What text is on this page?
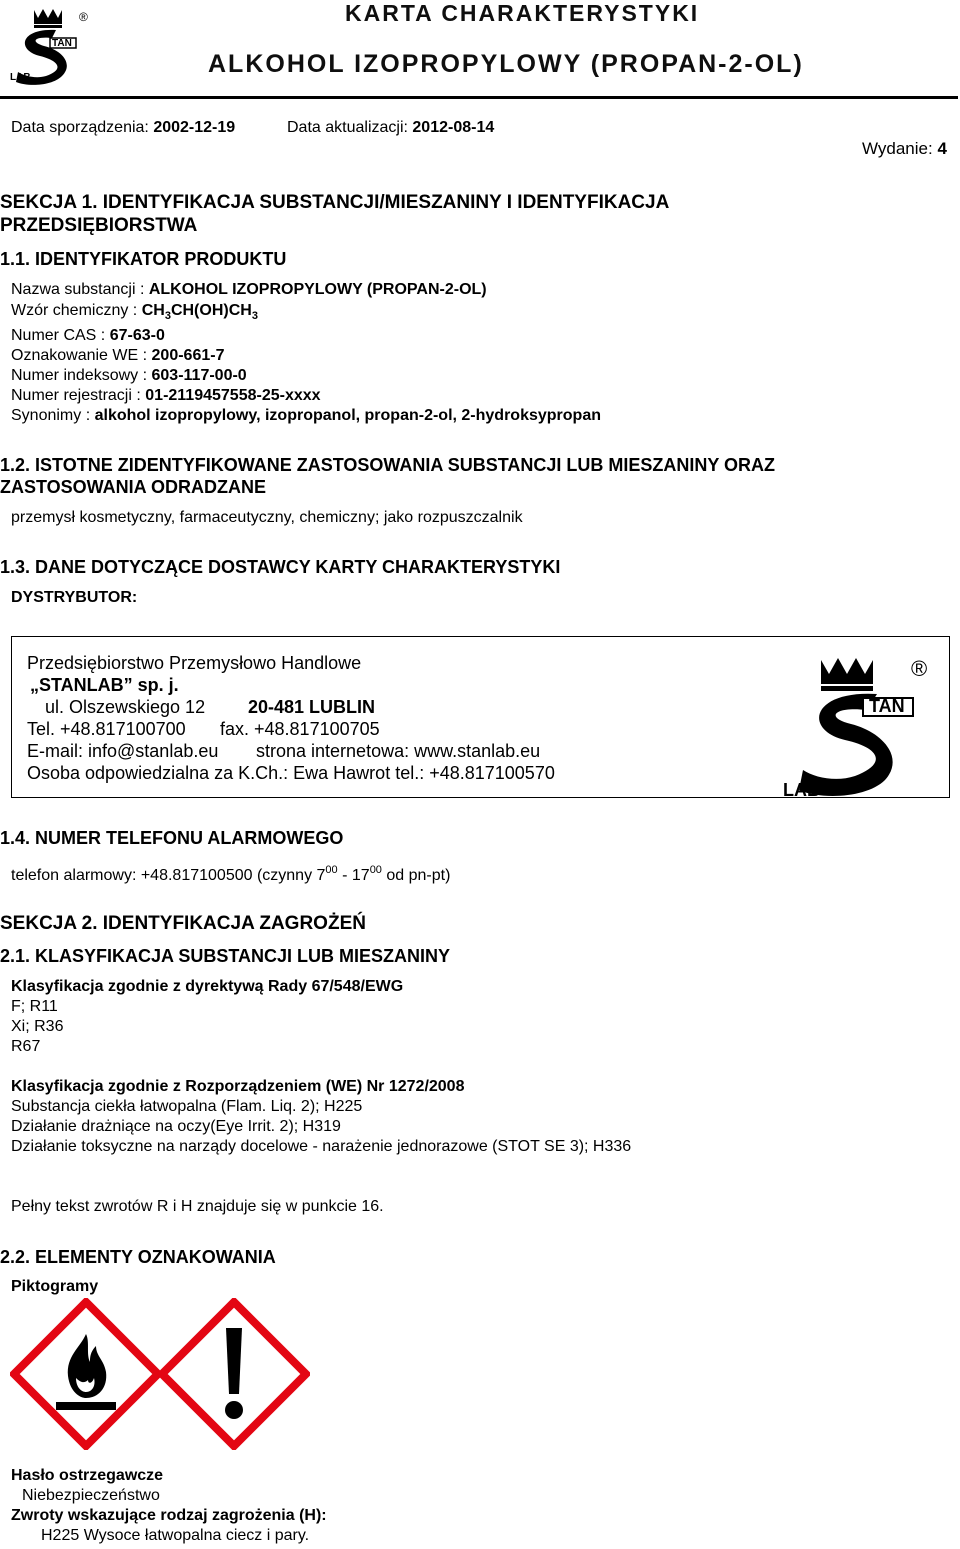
TAN
LAB
®	KARTA CHARAKTERYSTYKI
ALKOHOL IZOPROPYLOWY (PROPAN-2-OL)
Data sporządzenia: 2002-12-19	Data aktualizacji: 2012-08-14
Wydanie: 4
SEKCJA 1. IDENTYFIKACJA SUBSTANCJI/MIESZANINY I IDENTYFIKACJA
PRZEDSIĘBIORSTWA
1.1. IDENTYFIKATOR PRODUKTU
Nazwa substancji : ALKOHOL IZOPROPYLOWY (PROPAN-2-OL)
Wzór chemiczny : $CH_3CH(OH)CH_3$
Numer CAS : 67-63-0
Oznakowanie WE : 200-661-7
Numer indeksowy : 603-117-00-0
Numer rejestracji : 01-2119457558-25-xxxx
Synonimy : alkohol izopropylowy, izopropanol, propan-2-ol, 2-hydroksypropan
1.2. ISTOTNE ZIDENTYFIKOWANE ZASTOSOWANIA SUBSTANCJI LUB MIESZANINY ORAZ
ZASTOSOWANIA ODRADZANE
przemysł kosmetyczny, farmaceutyczny, chemiczny; jako rozpuszczalnik
1.3. DANE DOTYCZĄCE DOSTAWCY KARTY CHARAKTERYSTYKI
DYSTRYBUTOR:
Przedsiębiorstwo Przemysłowo Handlowe
„STANLAB” sp. j.
ul. Olszewskiego 12 20-481 LUBLIN
Tel. +48.817100700 fax. +48.817100705
E-mail: info@stanlab.eu strona internetowa: www.stanlab.eu
Osoba odpowiedzialna za K.Ch.: Ewa Hawrot tel.: +48.817100570
TAN
LAB
®
1.4. NUMER TELEFONU ALARMOWEGO
telefon alarmowy: +48.817100500 (czynny $7^{00} - 17^{00}$ od pn-pt)
SEKCJA 2. IDENTYFIKACJA ZAGROŻEŃ
2.1. KLASYFIKACJA SUBSTANCJI LUB MIESZANINY
Klasyfikacja zgodnie z dyrektywą Rady 67/548/EWG
F; R11
Xi; R36
R67
Klasyfikacja zgodnie z Rozporządzeniem (WE) Nr 1272/2008
Substancja ciekła łatwopalna (Flam. Liq. 2); H225
Działanie drażniące na oczy(Eye Irrit. 2); H319
Działanie toksyczne na narządy docelowe - narażenie jednorazowe (STOT SE 3); H336
Pełny tekst zwrotów R i H znajduje się w punkcie 16.
2.2. ELEMENTY OZNAKOWANIA
Piktogramy
Hasło ostrzegawcze
Niebezpieczeństwo
Zwroty wskazujące rodzaj zagrożenia (H):
H225 Wysoce łatwopalna ciecz i pary.
